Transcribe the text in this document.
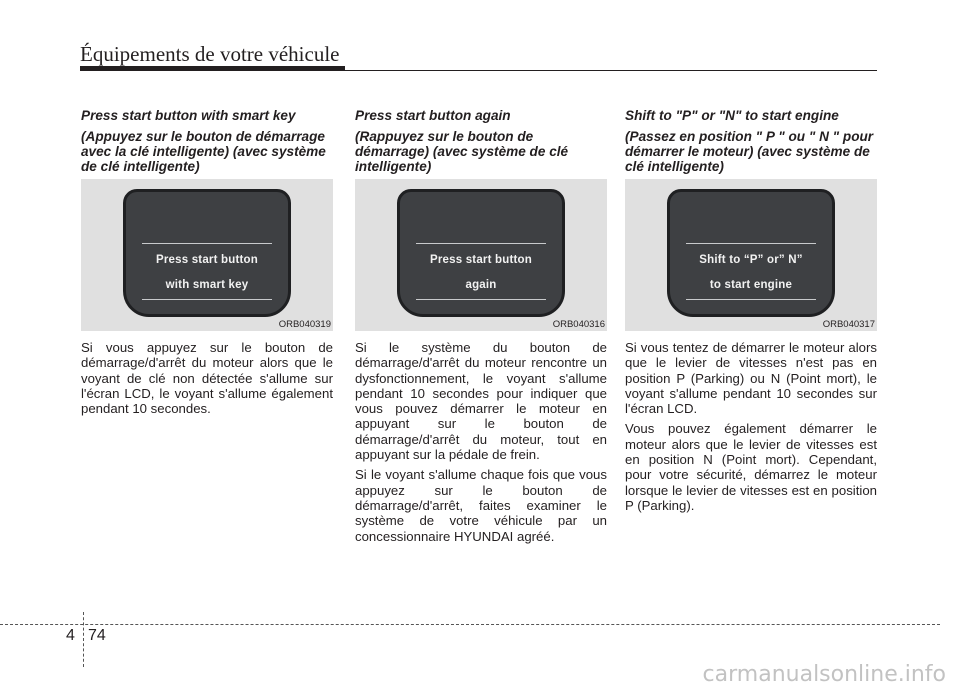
Équipements de votre véhicule

Press start button with smart key

(Appuyez sur le bouton de démarrage avec la clé intelligente) (avec système de clé intelligente)

Press start button
with smart key
ORB040319

Si vous appuyez sur le bouton de démarrage/d'arrêt du moteur alors que le voyant de clé non détectée s'allume sur l'écran LCD, le voyant s'allume également pendant 10 secondes.

Press start button again

(Rappuyez sur le bouton de démarrage) (avec système de clé intelligente)

Press start button
again
ORB040316

Si le système du bouton de démarrage/d'arrêt du moteur rencontre un dysfonctionnement, le voyant s'allume pendant 10 secondes pour indiquer que vous pouvez démarrer le moteur en appuyant sur le bouton de démarrage/d'arrêt du moteur, tout en appuyant sur la pédale de frein.

Si le voyant s'allume chaque fois que vous appuyez sur le bouton de démarrage/d'arrêt, faites examiner le système de votre véhicule par un concessionnaire HYUNDAI agréé.

Shift to "P" or "N" to start engine

(Passez en position " P " ou " N " pour démarrer le moteur) (avec système de clé intelligente)

Shift to “P” or” N”
to start engine
ORB040317

Si vous tentez de démarrer le moteur alors que le levier de vitesses n'est pas en position P (Parking) ou N (Point mort), le voyant s'allume pendant 10 secondes sur l'écran LCD.

Vous pouvez également démarrer le moteur alors que le levier de vitesses est en position N (Point mort). Cependant, pour votre sécurité, démarrez le moteur lorsque le levier de vitesses est en position P (Parking).

4 74
carmanualsonline.info
